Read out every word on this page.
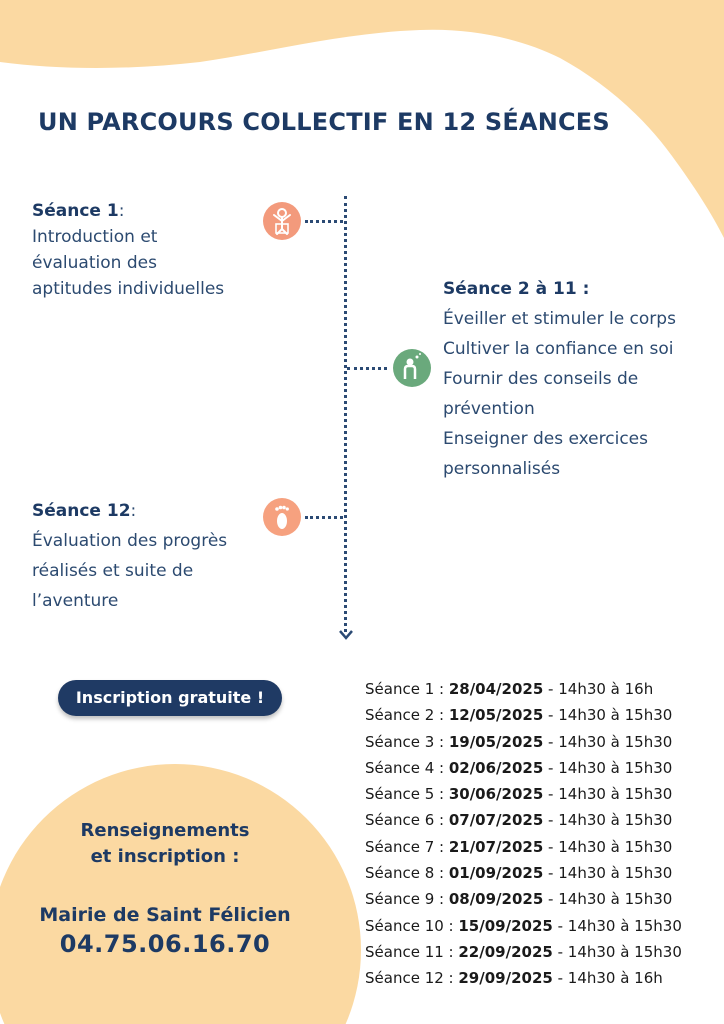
UN PARCOURS COLLECTIF EN 12 SÉANCES
Séance 1:
Introduction et
évaluation des
aptitudes individuelles	Séance 2 à 11 :
Éveiller et stimuler le corps
Cultiver la confiance en soi
Fournir des conseils de
prévention
Enseigner des exercices
personnalisés
Séance 12:
Évaluation des progrès
réalisés et suite de
l’aventure
Inscription gratuite !
Renseignements
et inscription :
Mairie de Saint Félicien
04.75.06.16.70
Séance 1 : 28/04/2025 - 14h30 à 16h
Séance 2 : 12/05/2025 - 14h30 à 15h30
Séance 3 : 19/05/2025 - 14h30 à 15h30
Séance 4 : 02/06/2025 - 14h30 à 15h30
Séance 5 : 30/06/2025 - 14h30 à 15h30
Séance 6 : 07/07/2025 - 14h30 à 15h30
Séance 7 : 21/07/2025 - 14h30 à 15h30
Séance 8 : 01/09/2025 - 14h30 à 15h30
Séance 9 : 08/09/2025 - 14h30 à 15h30
Séance 10 : 15/09/2025 - 14h30 à 15h30
Séance 11 : 22/09/2025 - 14h30 à 15h30
Séance 12 : 29/09/2025 - 14h30 à 16h
